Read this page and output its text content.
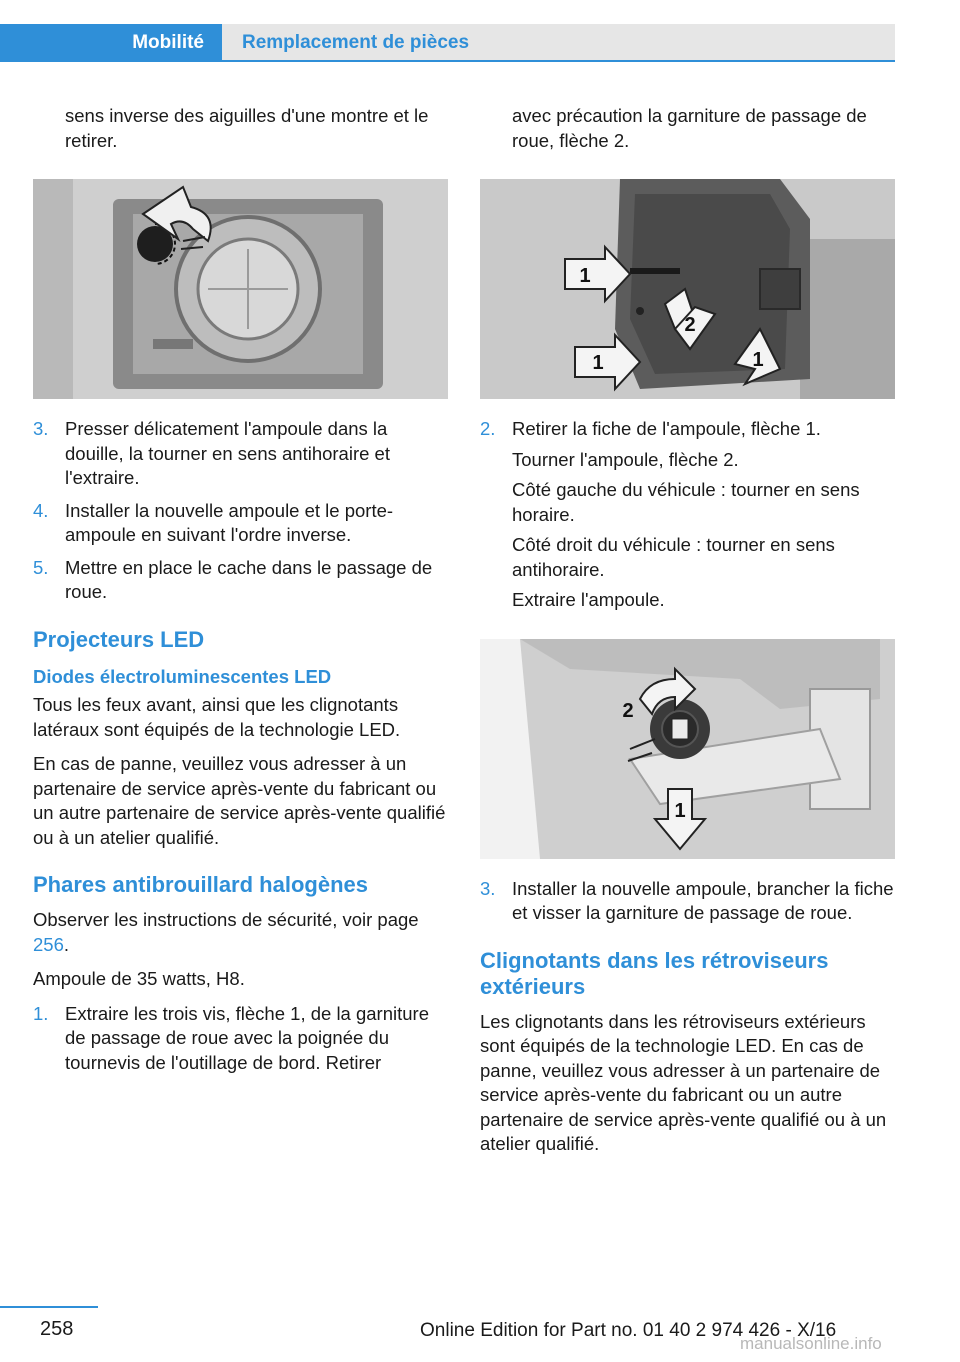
Mobilité Remplacement de pièces

sens inverse des aiguilles d'une montre et le retirer.

3. Presser délicatement l'ampoule dans la douille, la tourner en sens antihoraire et l'extraire.
4. Installer la nouvelle ampoule et le porte-ampoule en suivant l'ordre inverse.
5. Mettre en place le cache dans le passage de roue.
Projecteurs LED
Diodes électroluminescentes LED

Tous les feux avant, ainsi que les clignotants latéraux sont équipés de la technologie LED.

En cas de panne, veuillez vous adresser à un partenaire de service après-vente du fabricant ou un autre partenaire de service après-vente qualifié ou à un atelier qualifié.

Phares antibrouillard halogènes

Observer les instructions de sécurité, voir page 256.

Ampoule de 35 watts, H8.

1. Extraire les trois vis, flèche 1, de la garniture de passage de roue avec la poignée du tournevis de l'outillage de bord. Retirer

avec précaution la garniture de passage de roue, flèche 2.

1
2
1	1
2. Retirer la fiche de l'ampoule, flèche 1.
Tourner l'ampoule, flèche 2.
Côté gauche du véhicule : tourner en sens horaire.
Côté droit du véhicule : tourner en sens antihoraire.
Extraire l'ampoule.
2
1
3. Installer la nouvelle ampoule, brancher la fiche et visser la garniture de passage de roue.
Clignotants dans les rétroviseurs extérieurs

Les clignotants dans les rétroviseurs extérieurs sont équipés de la technologie LED. En cas de panne, veuillez vous adresser à un partenaire de service après-vente du fabricant ou un autre partenaire de service après-vente qualifié ou à un atelier qualifié.

258	Online Edition for Part no. 01 40 2 974 426 - X/16
manualsonline.info
